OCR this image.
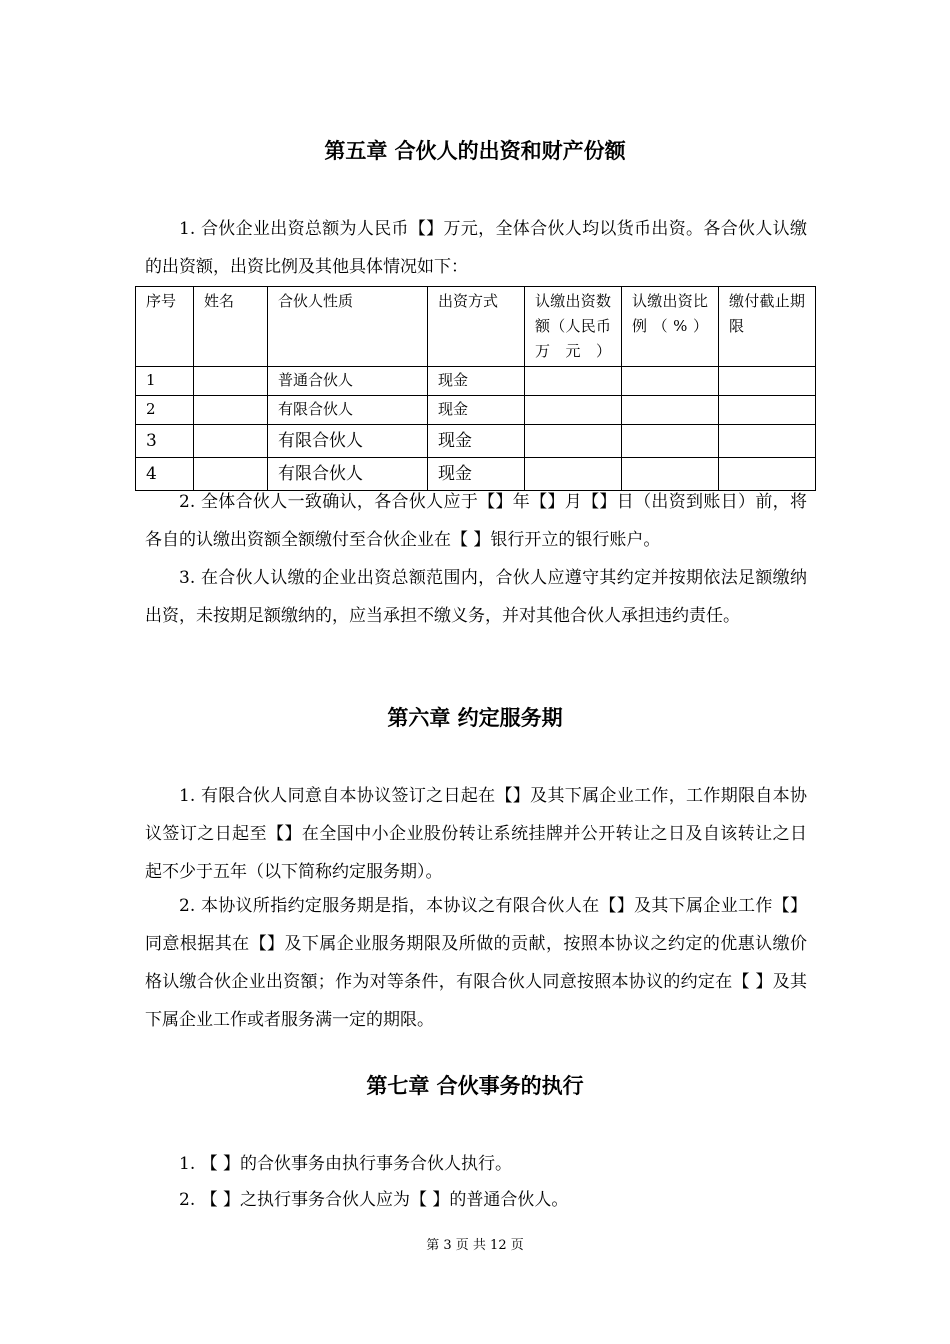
第五章 合伙人的出资和财产份额
1. 合伙企业出资总额为人民币【】万元，全体合伙人均以货币出资。各合伙人认缴的出资额，出资比例及其他具体情况如下：
序号	姓名	合伙人性质	出资方式	认缴出资数额（人民币万元）	认缴出资比例（%）	缴付截止期限
1		普通合伙人	现金			
2		有限合伙人	现金			
3		有限合伙人	现金			
4		有限合伙人	现金			
2. 全体合伙人一致确认，各合伙人应于【】年【】月【】日（出资到账日）前，将各自的认缴出资额全额缴付至合伙企业在【 】银行开立的银行账户。
3. 在合伙人认缴的企业出资总额范围内，合伙人应遵守其约定并按期依法足额缴纳出资，未按期足额缴纳的，应当承担不缴义务，并对其他合伙人承担违约责任。
第六章 约定服务期
1. 有限合伙人同意自本协议签订之日起在【】及其下属企业工作，工作期限自本协议签订之日起至【】在全国中小企业股份转让系统挂牌并公开转让之日及自该转让之日起不少于五年（以下简称约定服务期）。
2. 本协议所指约定服务期是指，本协议之有限合伙人在【】及其下属企业工作【】同意根据其在【】及下属企业服务期限及所做的贡献，按照本协议之约定的优惠认缴价格认缴合伙企业出资額；作为对等条件，有限合伙人同意按照本协议的约定在【 】及其下属企业工作或者服务满一定的期限。
第七章 合伙事务的执行
1. 【 】的合伙事务由执行事务合伙人执行。
2. 【 】之执行事务合伙人应为【 】的普通合伙人。
第 3 页 共 12 页
